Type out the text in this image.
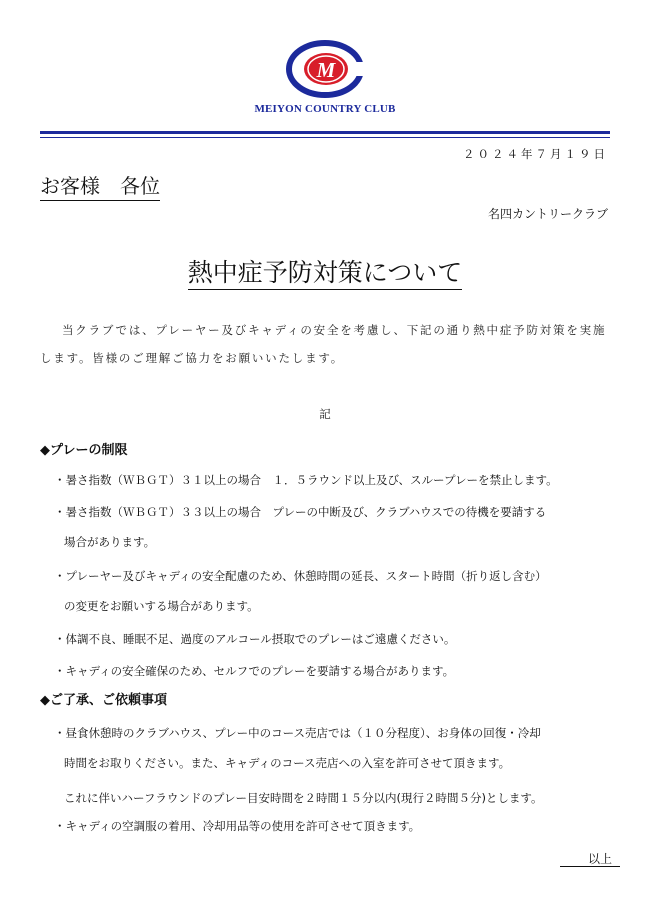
M
MEIYON COUNTRY CLUB
２０２４年７月１９日
お客様　各位
名四カントリークラブ
熱中症予防対策について
当クラブでは、プレーヤー及びキャディの安全を考慮し、下記の通り熱中症予防対策を実施します。皆様のご理解ご協力をお願いいたします。
記
◆プレーの制限
・暑さ指数（ＷＢＧＴ）３１以上の場合　１．５ラウンド以上及び、スループレーを禁止します。
・暑さ指数（ＷＢＧＴ）３３以上の場合　プレーの中断及び、クラブハウスでの待機を要請する
場合があります。
・プレーヤー及びキャディの安全配慮のため、休憩時間の延長、スタート時間（折り返し含む）
の変更をお願いする場合があります。
・体調不良、睡眠不足、過度のアルコール摂取でのプレーはご遠慮ください。
・キャディの安全確保のため、セルフでのプレーを要請する場合があります。
◆ご了承、ご依頼事項
・昼食休憩時のクラブハウス、プレー中のコース売店では（１０分程度）、お身体の回復・冷却
時間をお取りください。また、キャディのコース売店への入室を許可させて頂きます。
これに伴いハーフラウンドのプレー目安時間を２時間１５分以内(現行２時間５分)とします。
・キャディの空調服の着用、冷却用品等の使用を許可させて頂きます。
以上
